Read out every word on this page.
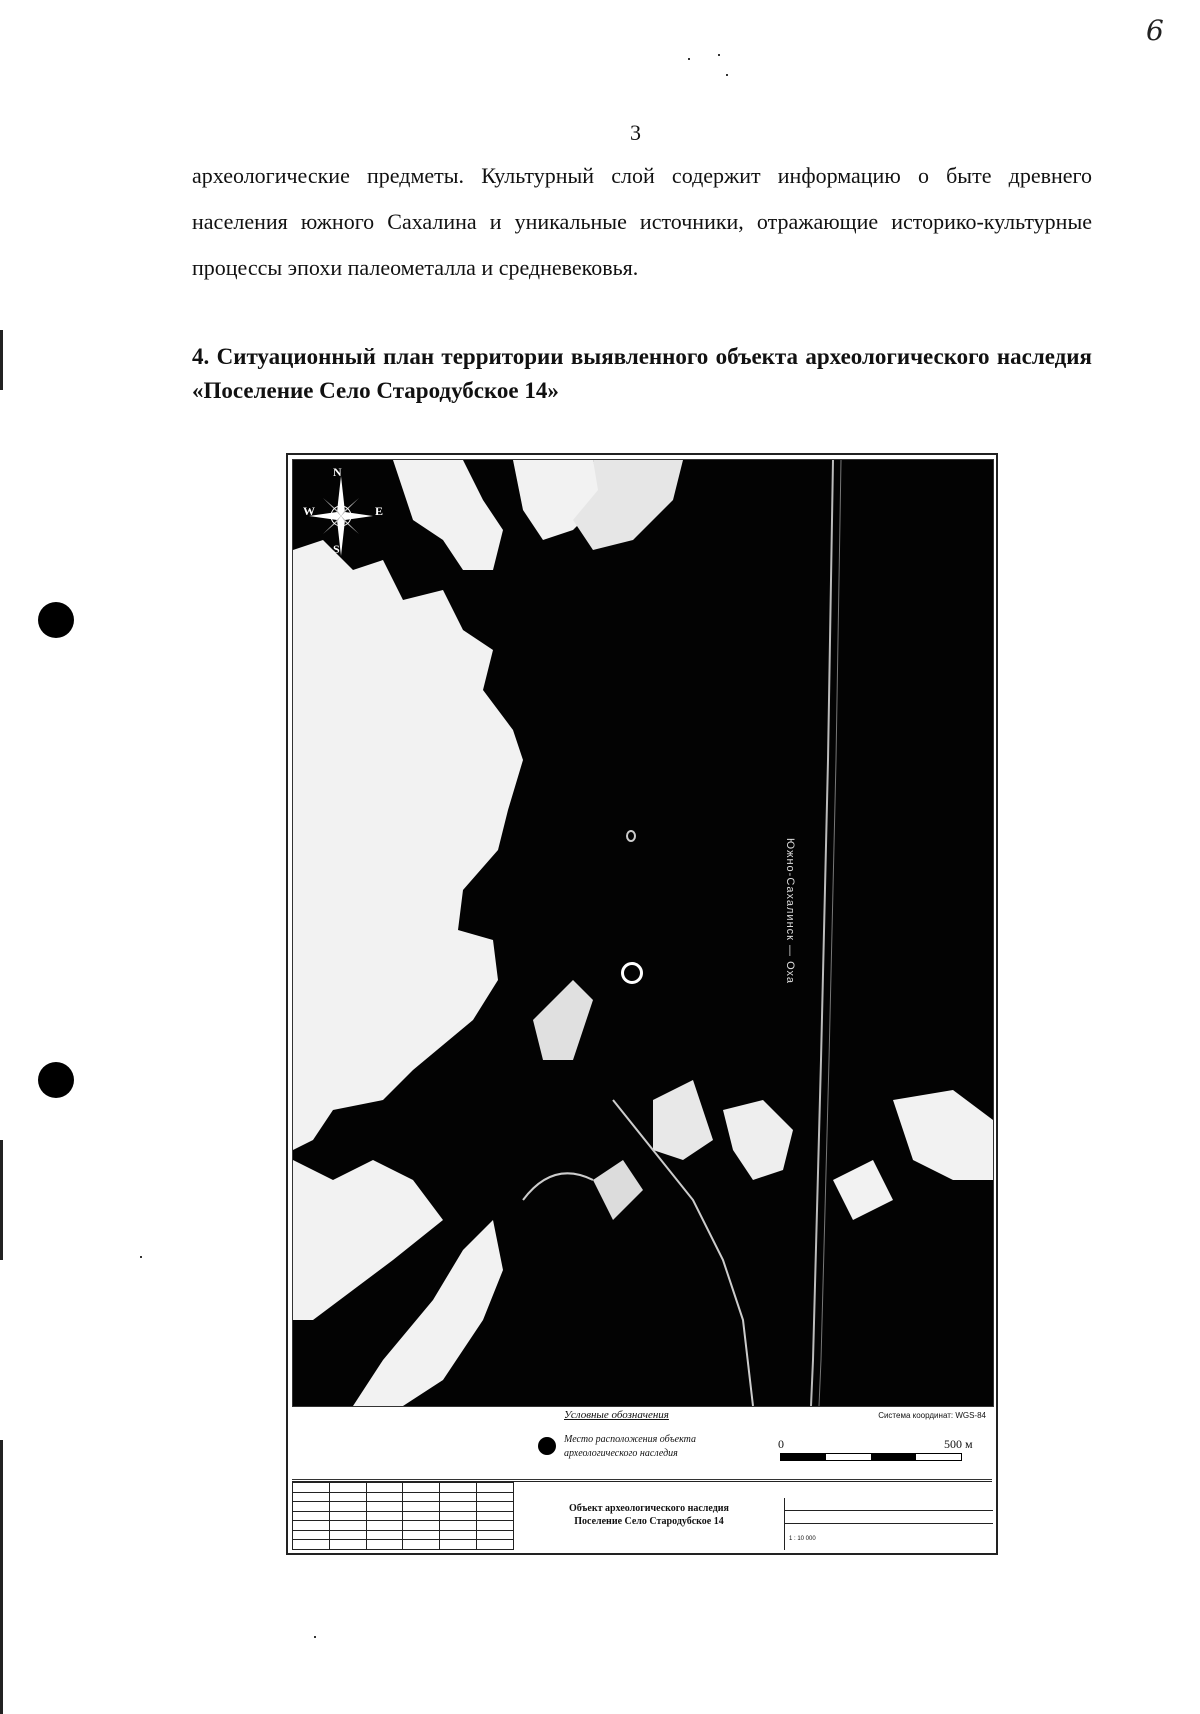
6
3
археологические предметы. Культурный слой содержит информацию о быте древнего населения южного Сахалина и уникальные источники, отражающие историко-культурные процессы эпохи палеометалла и средневековья.
4. Ситуационный план территории выявленного объекта археологического наследия «Поселение Село Стародубское 14»
N
S
W	E
Южно-Сахалинск — Оха
Условные обозначения	Система координат: WGS-84
Место расположения объекта археологического наследия
0	500 м

Объект археологического наследия
Поселение Село Стародубское 14
1 : 10 000
